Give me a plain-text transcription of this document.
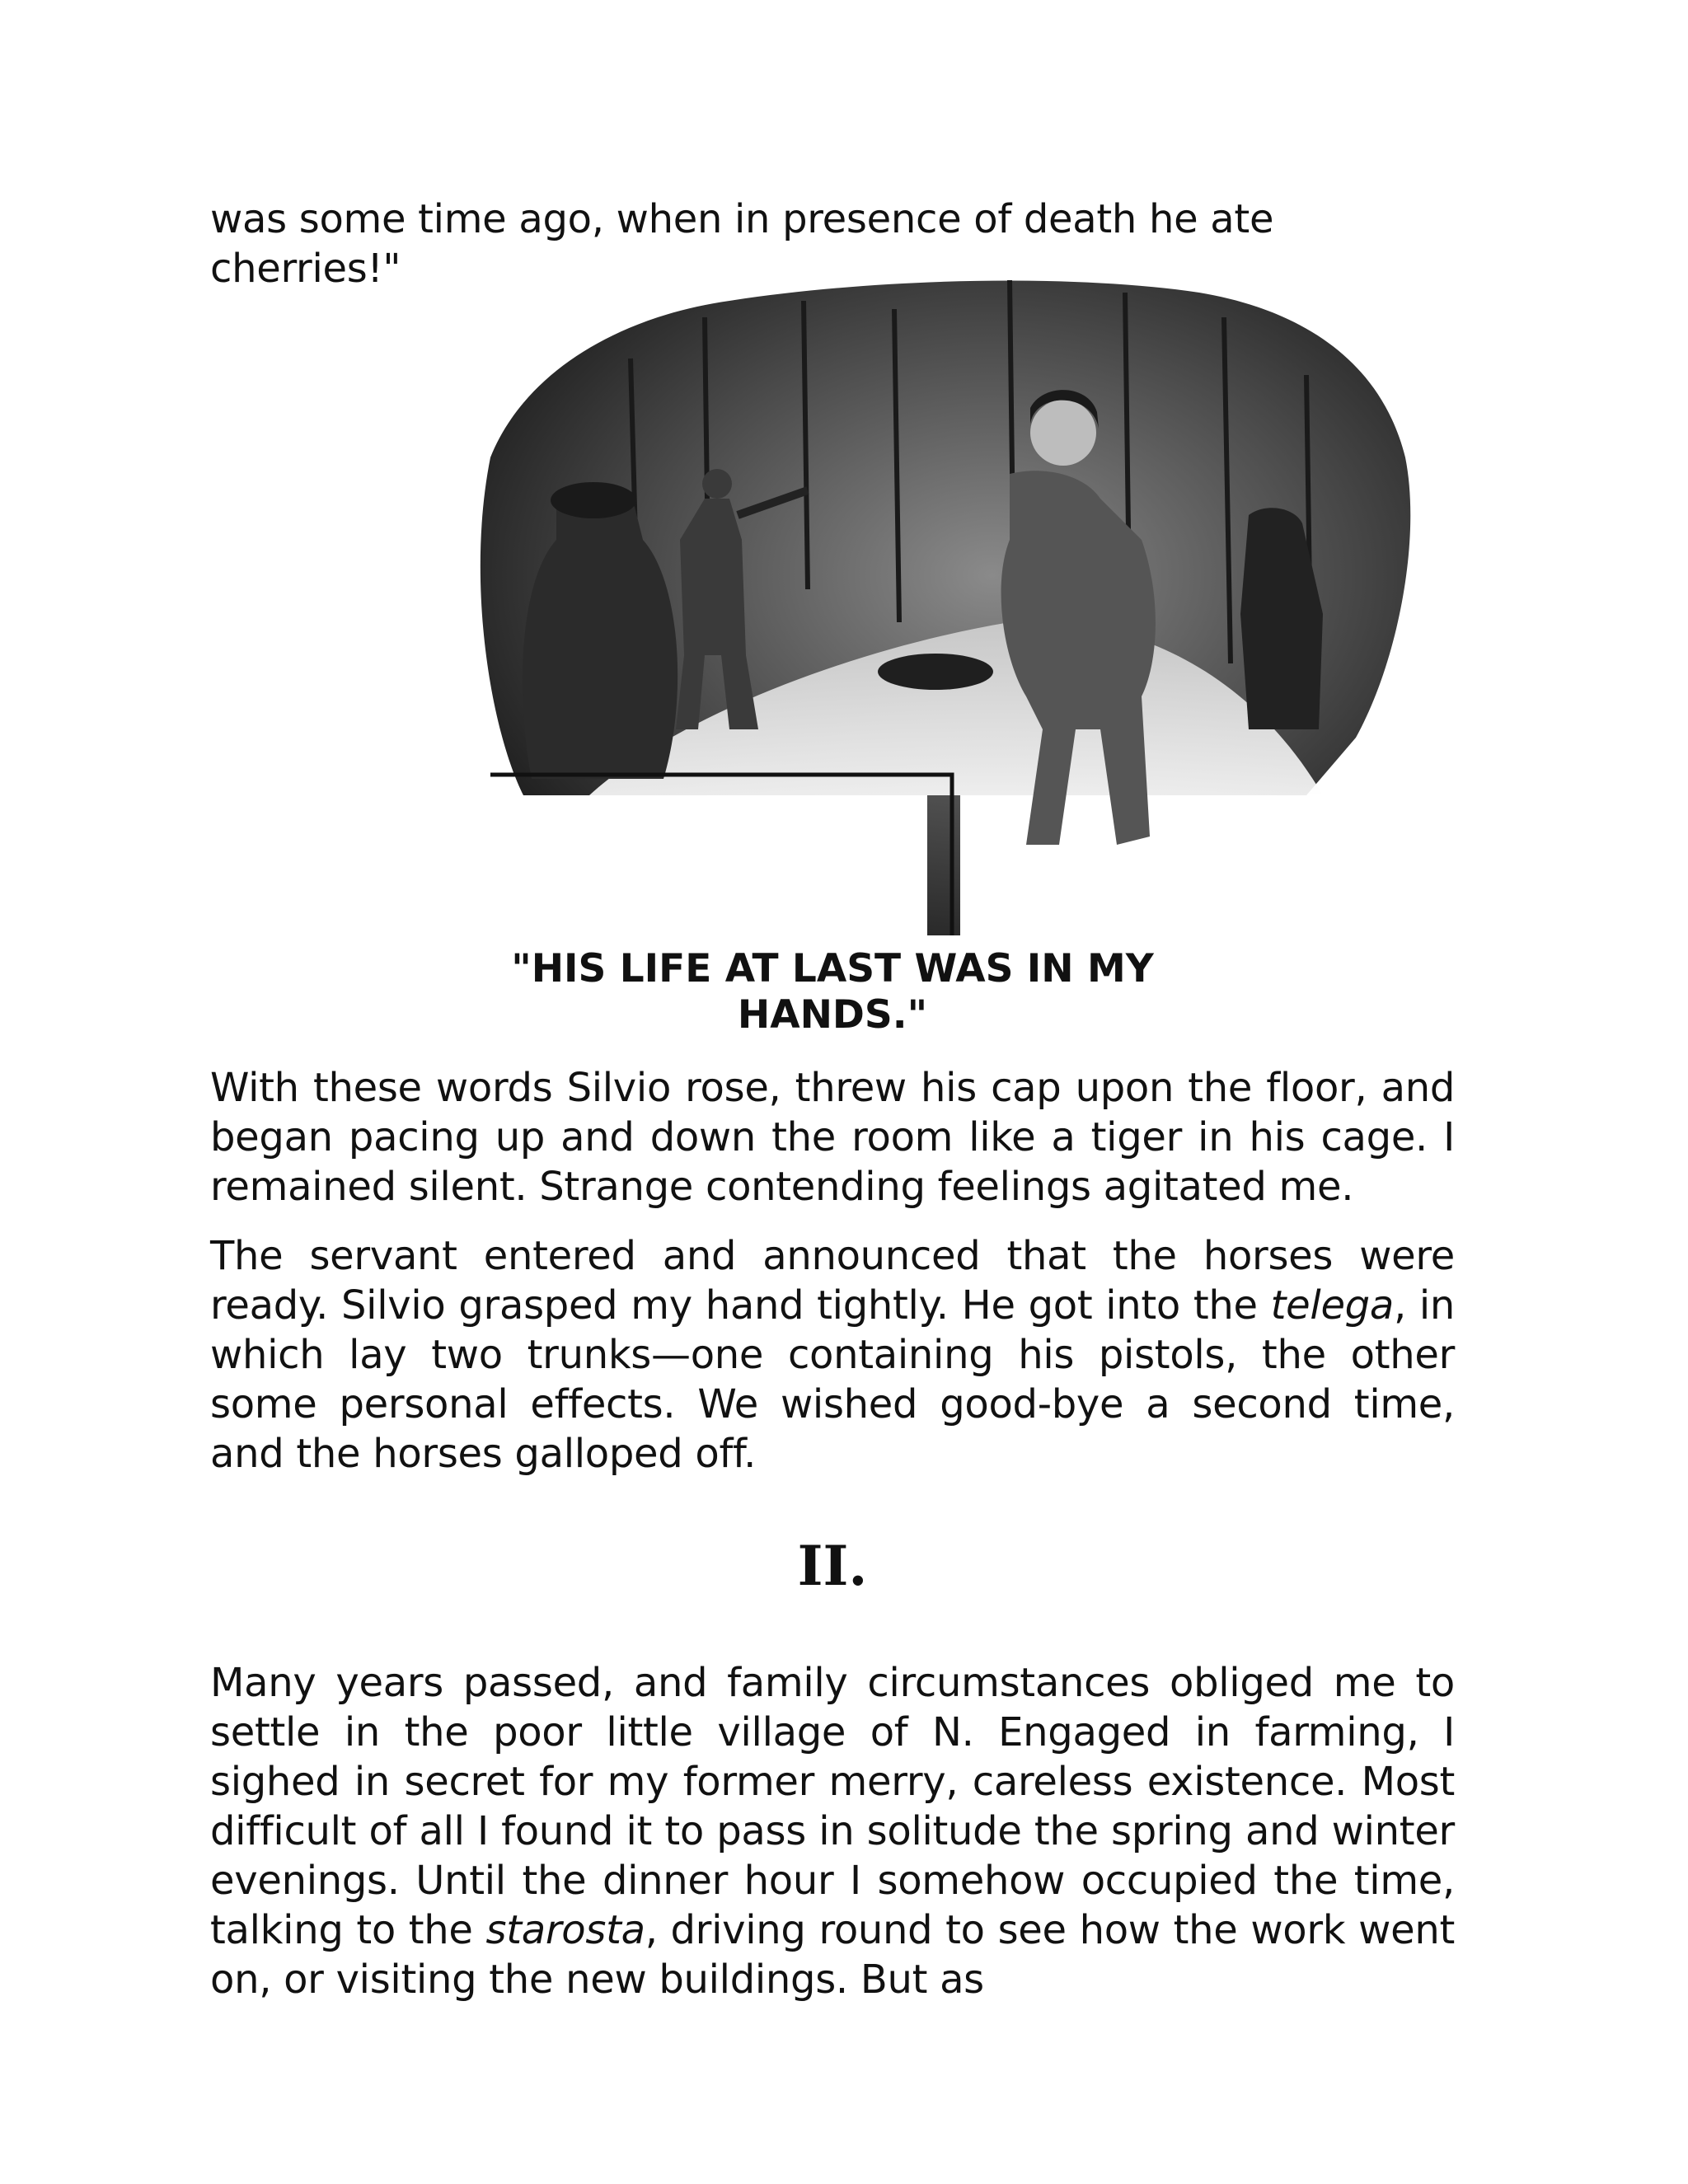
was some time ago, when in presence of death he ate cherries!"

"HIS LIFE AT LAST WAS IN MY
HANDS."

With these words Silvio rose, threw his cap upon the floor, and began pacing up and down the room like a tiger in his cage. I remained silent. Strange contending feelings agitated me.

The servant entered and announced that the horses were ready. Silvio grasped my hand tightly. He got into the telega, in which lay two trunks—one containing his pistols, the other some personal effects. We wished good-bye a second time, and the horses galloped off.

II.

Many years passed, and family circumstances obliged me to settle in the poor little village of N. Engaged in farming, I sighed in secret for my former merry, careless existence. Most difficult of all I found it to pass in solitude the spring and winter evenings. Until the dinner hour I somehow occupied the time, talking to the starosta, driving round to see how the work went on, or visiting the new buildings. But as
